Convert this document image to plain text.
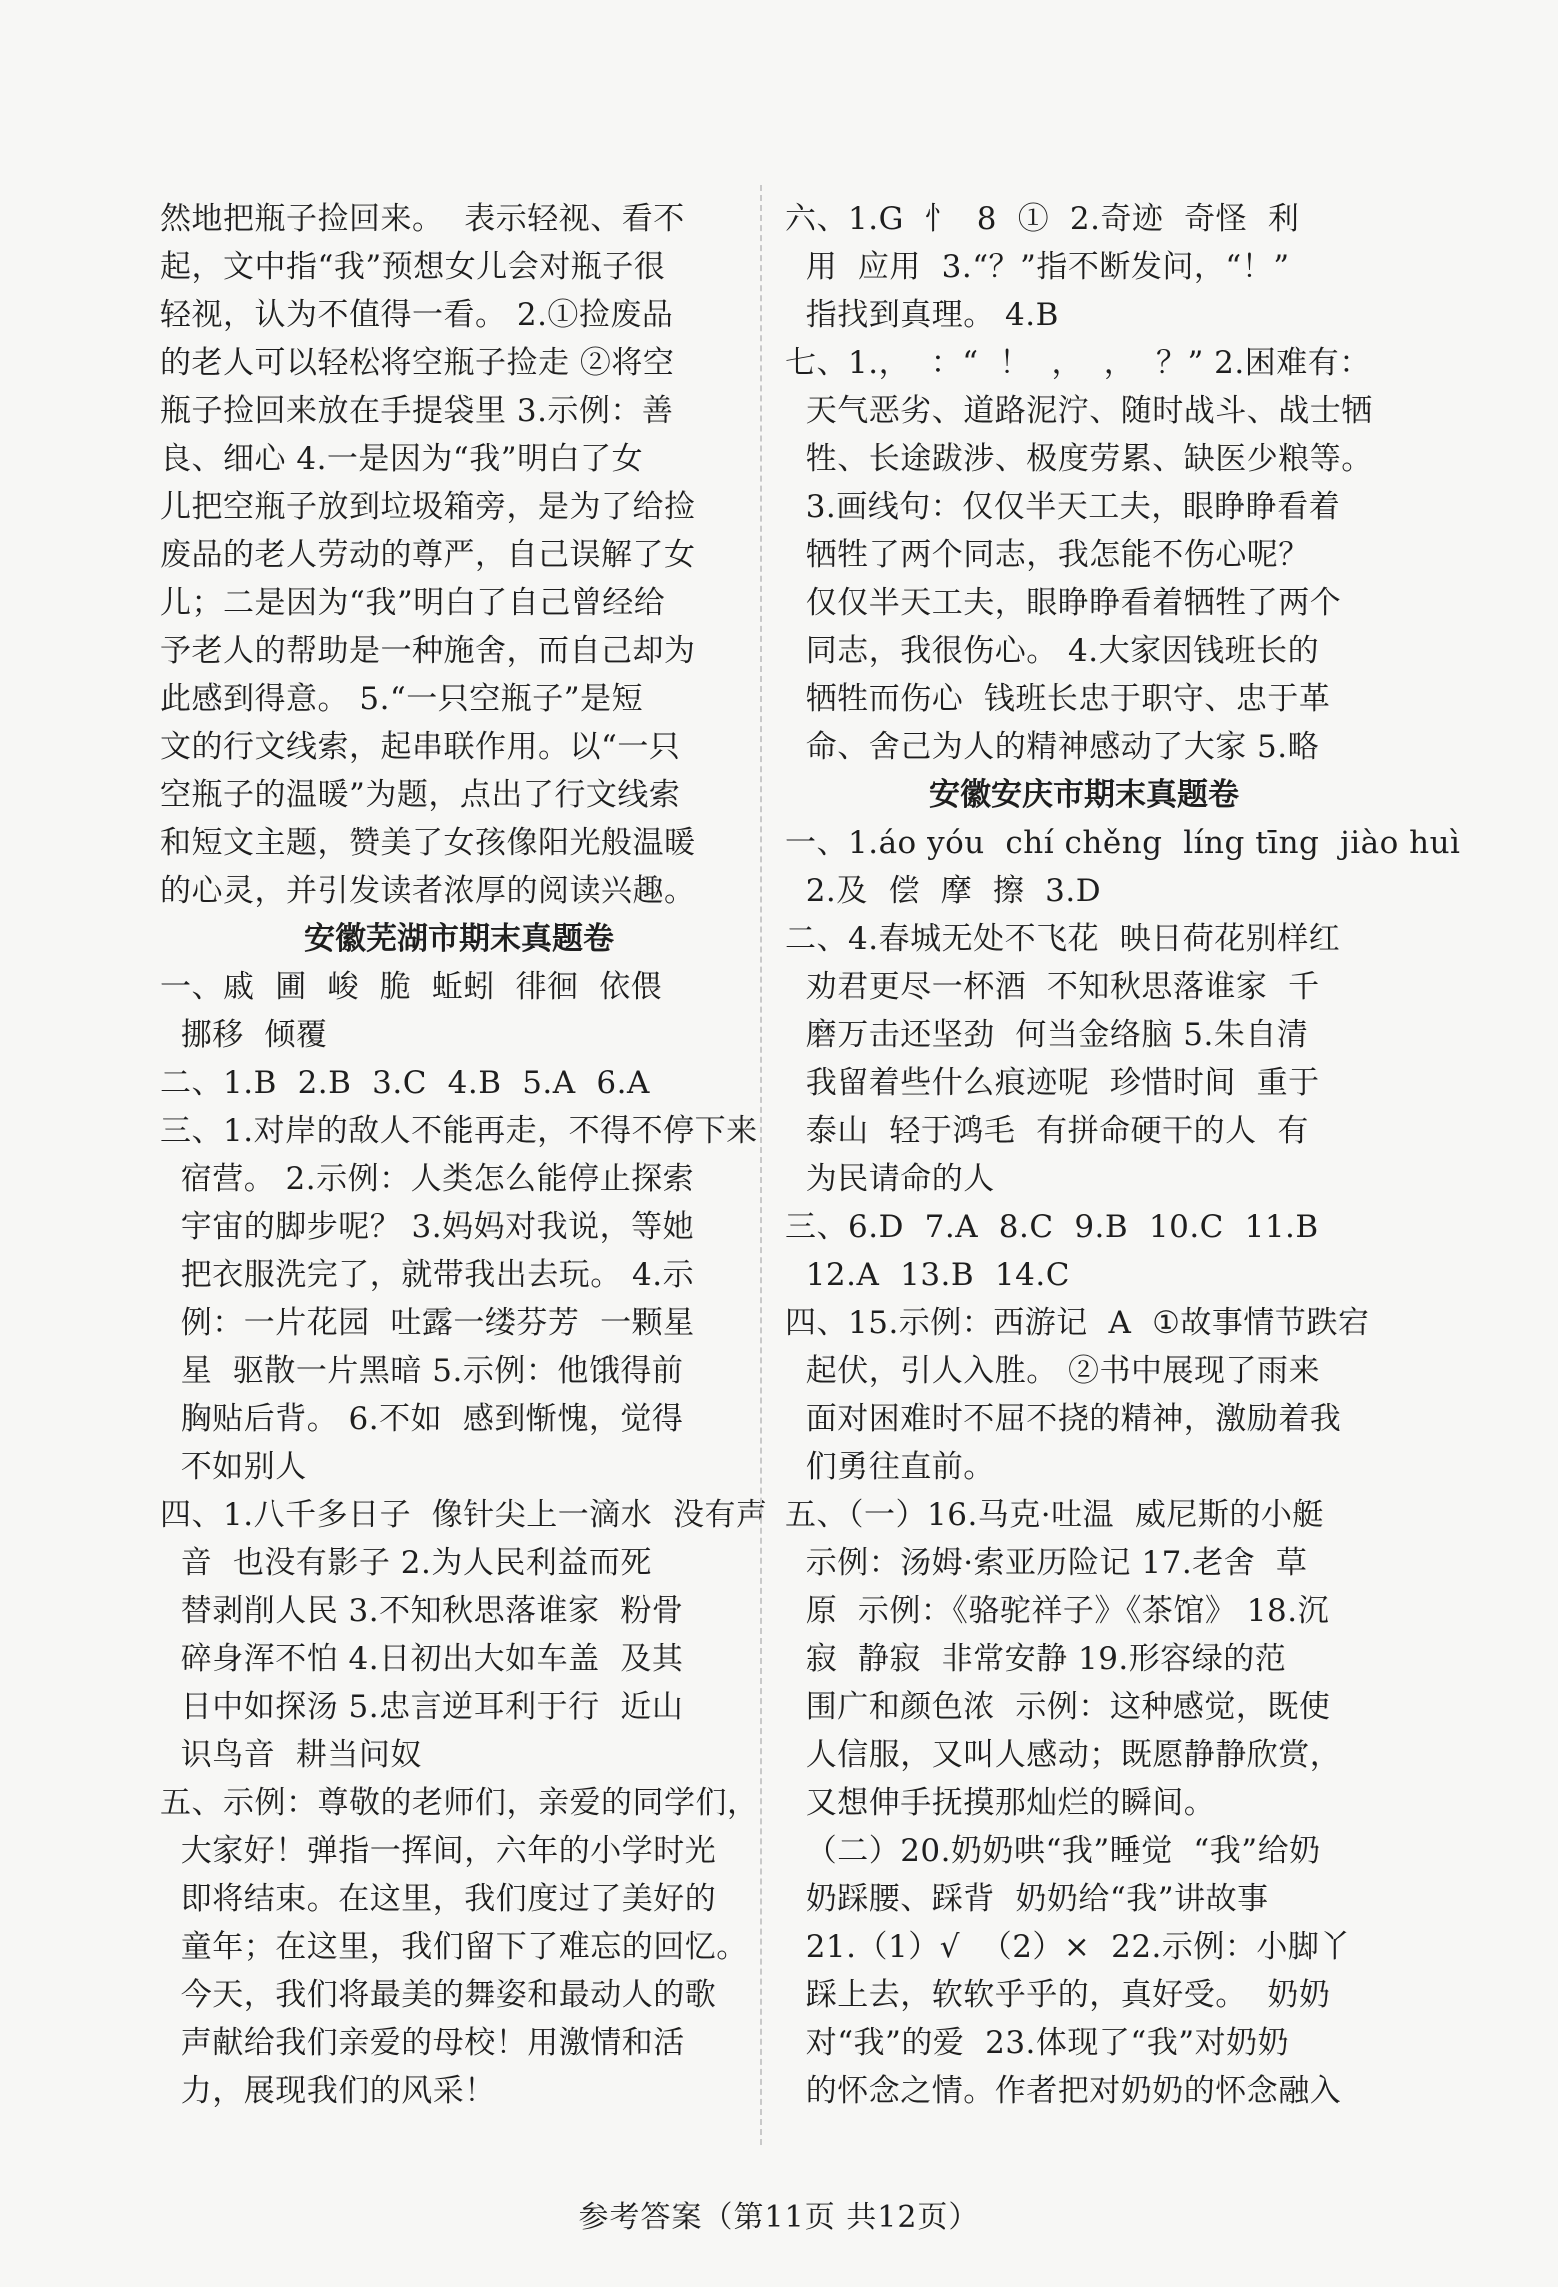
然地把瓶子捡回来。  表示轻视、看不
起，文中指“我”预想女儿会对瓶子很
轻视，认为不值得一看。 2.①捡废品
的老人可以轻松将空瓶子捡走 ②将空
瓶子捡回来放在手提袋里 3.示例：善
良、细心 4.一是因为“我”明白了女
儿把空瓶子放到垃圾箱旁，是为了给捡
废品的老人劳动的尊严，自己误解了女
儿；二是因为“我”明白了自己曾经给
予老人的帮助是一种施舍，而自己却为
此感到得意。 5.“一只空瓶子”是短
文的行文线索，起串联作用。以“一只
空瓶子的温暖”为题，点出了行文线索
和短文主题，赞美了女孩像阳光般温暖
的心灵，并引发读者浓厚的阅读兴趣。
安徽芜湖市期末真题卷
一、戚  圃  峻  脆  蚯蚓  徘徊  依偎
挪移  倾覆
二、1.B  2.B  3.C  4.B  5.A  6.A
三、1.对岸的敌人不能再走，不得不停下来
宿营。 2.示例：人类怎么能停止探索
宇宙的脚步呢？ 3.妈妈对我说，等她
把衣服洗完了，就带我出去玩。 4.示
例：一片花园  吐露一缕芬芳  一颗星
星  驱散一片黑暗 5.示例：他饿得前
胸贴后背。 6.不如  感到惭愧，觉得
不如别人
四、1.八千多日子  像针尖上一滴水  没有声
音  也没有影子 2.为人民利益而死
替剥削人民 3.不知秋思落谁家  粉骨
碎身浑不怕 4.日初出大如车盖  及其
日中如探汤 5.忠言逆耳利于行  近山
识鸟音  耕当问奴
五、示例：尊敬的老师们，亲爱的同学们，
大家好！弹指一挥间，六年的小学时光
即将结束。在这里，我们度过了美好的
童年；在这里，我们留下了难忘的回忆。
今天，我们将最美的舞姿和最动人的歌
声献给我们亲爱的母校！用激情和活
力，展现我们的风采！
六、1.G  忄  8  ①  2.奇迹  奇怪  利
用  应用  3.“？”指不断发问，“！”
指找到真理。 4.B
七、1.，  ：“  ！  ，  ，  ？” 2.困难有：
天气恶劣、道路泥泞、随时战斗、战士牺
牲、长途跋涉、极度劳累、缺医少粮等。
3.画线句：仅仅半天工夫，眼睁睁看着
牺牲了两个同志，我怎能不伤心呢？
仅仅半天工夫，眼睁睁看着牺牲了两个
同志，我很伤心。 4.大家因钱班长的
牺牲而伤心  钱班长忠于职守、忠于革
命、舍己为人的精神感动了大家 5.略
安徽安庆市期末真题卷
一、1.áo yóu  chí chěng  líng tīng  jiào huì
2.及  偿  摩  擦  3.D
二、4.春城无处不飞花  映日荷花别样红
劝君更尽一杯酒  不知秋思落谁家  千
磨万击还坚劲  何当金络脑 5.朱自清
我留着些什么痕迹呢  珍惜时间  重于
泰山  轻于鸿毛  有拼命硬干的人  有
为民请命的人
三、6.D  7.A  8.C  9.B  10.C  11.B
12.A  13.B  14.C
四、15.示例：西游记  A  ①故事情节跌宕
起伏，引人入胜。 ②书中展现了雨来
面对困难时不屈不挠的精神，激励着我
们勇往直前。
五、（一）16.马克·吐温  威尼斯的小艇
示例：汤姆·索亚历险记 17.老舍  草
原  示例：《骆驼祥子》《茶馆》 18.沉
寂  静寂  非常安静 19.形容绿的范
围广和颜色浓  示例：这种感觉，既使
人信服，又叫人感动；既愿静静欣赏，
又想伸手抚摸那灿烂的瞬间。
（二）20.奶奶哄“我”睡觉  “我”给奶
奶踩腰、踩背  奶奶给“我”讲故事
21.（1）√  （2）×  22.示例：小脚丫
踩上去，软软乎乎的，真好受。  奶奶
对“我”的爱  23.体现了“我”对奶奶
的怀念之情。作者把对奶奶的怀念融入
参考答案（第11页 共12页）
